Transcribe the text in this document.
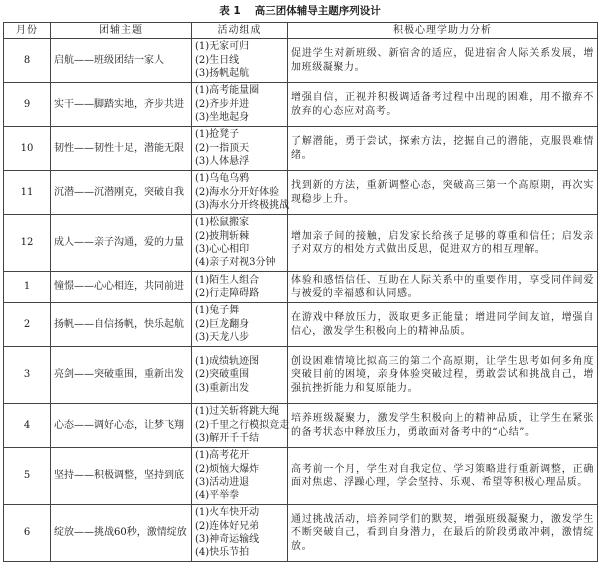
表 1 高三团体辅导主题序列设计
月份	团辅主题	活动组成	积极心理学助力分析
8	启航——班级团结一家人	(1)无家可归
(2)生日线
(3)扬帆起航	促进学生对新班级、新宿舍的适应，促进宿舍人际关系发展，增加班级凝聚力。
9	实干——脚踏实地，齐步共进	(1)高考能量圈
(2)齐步并进
(3)坐地起身	增强自信，正视并积极调适备考过程中出现的困难，用不撤弃不放弃的心态应对高考。
10	韧性——韧性十足，潜能无限	(1)抢凳子
(2)一指顶天
(3)人体悬浮	了解潜能，勇于尝试，探索方法，挖掘自己的潜能，克服畏难情绪。
11	沉潜——沉潜刚克，突破自我	(1)乌龟乌鸦
(2)海水分开好体验
(3)海水分开终极挑战	找到新的方法，重新调整心态，突破高三第一个高原期，再次实现稳步上升。
12	成人——亲子沟通，爱的力量	(1)松鼠搬家
(2)披荆斩棘
(3)心心相印
(4)亲子对视3分钟	增加亲子间的接触，启发家长给孩子足够的尊重和信任；启发亲子对双方的相处方式做出反思，促进双方的相互理解。
1	憧憬——心心相连，共同前进	(1)陌生人组合
(2)行走障碍路	体验和感悟信任、互助在人际关系中的重要作用，享受同伴间爱与被爱的幸福感和认同感。
2	扬帆——自信扬帆，快乐起航	(1)兔子舞
(2)巨龙翻身
(3)天龙八步	在游戏中释放压力，汲取更多正能量；增进同学间友谊，增强自信心，激发学生积极向上的精神品质。
3	亮剑——突破重围，重新出发	(1)成绩轨迹图
(2)突破重围
(3)重新出发	创设困难情境比拟高三的第二个高原期，让学生思考如何多角度突破目前的困境，亲身体验突破过程，勇敢尝试和挑战自己，增强抗挫折能力和复原能力。
4	心态——调好心态，让梦飞翔	(1)过关斩将跳大绳
(2)千里之行模拟竞走
(3)解开千千结	培养班级凝聚力，激发学生积极向上的精神品质，让学生在紧张的备考状态中释放压力，勇敢面对备考中的“心结”。
5	坚持——积极调整，坚持到底	(1)高考花开
(2)烦恼大爆炸
(3)活动进退
(4)平举拳	高考前一个月，学生对自我定位、学习策略进行重新调整，正确面对焦虑、浮躁心理，学会坚持、乐观、希望等积极心理品质。
6	绽放——挑战60秒，激情绽放	(1)火车快开动
(2)连体好兄弟
(3)神奇运输线
(4)快乐节拍	通过挑战活动，培养同学们的默契，增强班级凝聚力，激发学生不断突破自己，看到自身潜力，在最后的阶段勇敢冲刺，激情绽放。
